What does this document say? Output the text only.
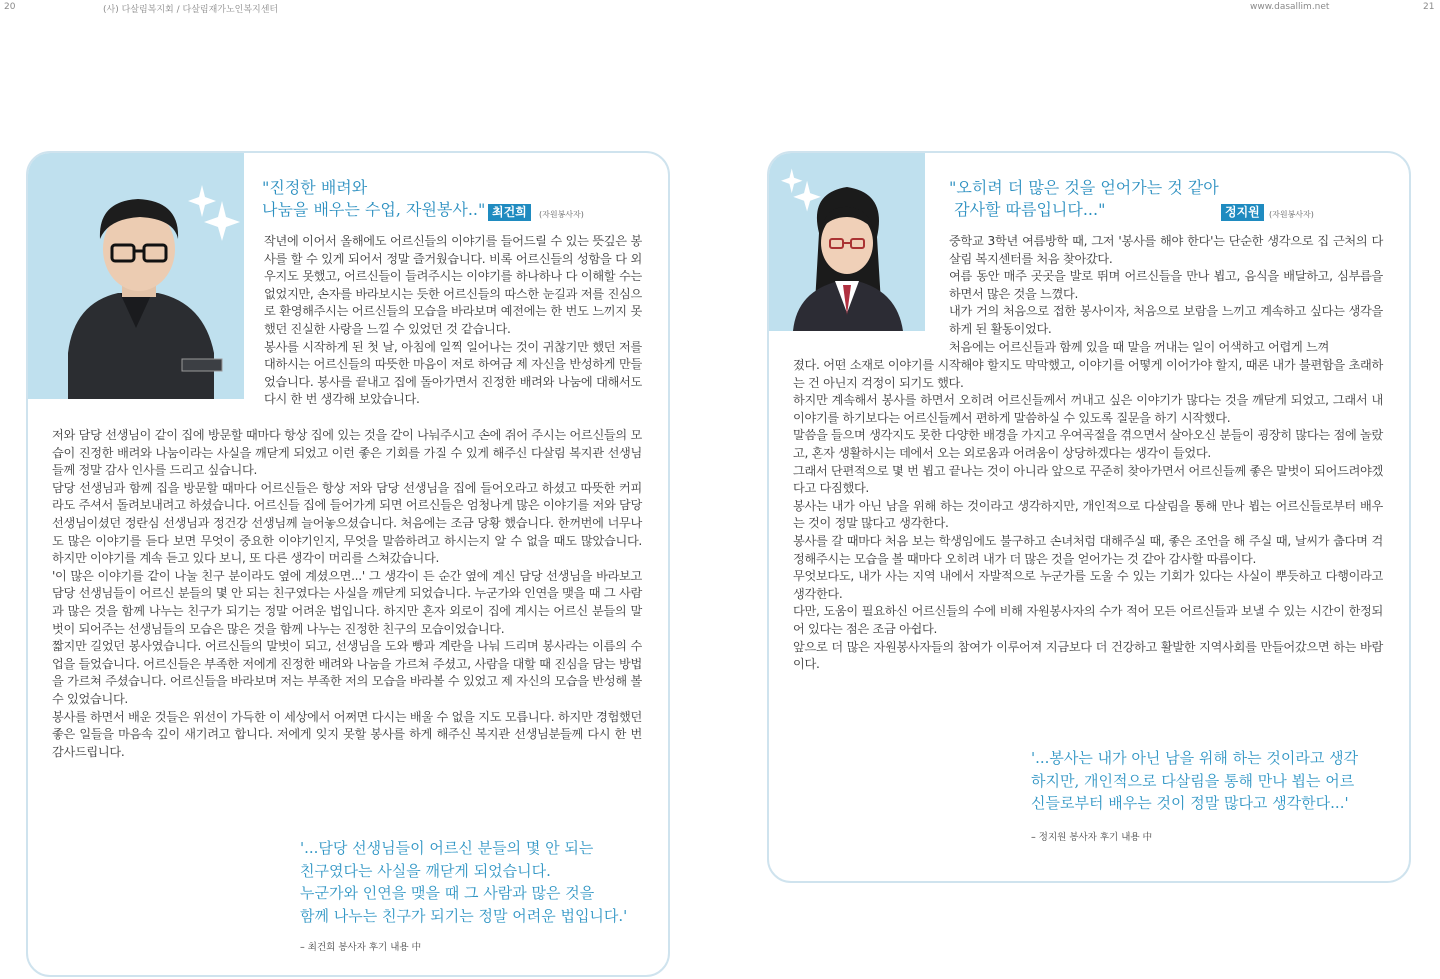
20	(사) 다살림복지회 / 다살림재가노인복지센터	www.dasallim.net	21
"진정한 배려와
나눔을 배우는 수업, 자원봉사.." 최건희	(자원봉사자)

작년에 이어서 올해에도 어르신들의 이야기를 들어드릴 수 있는 뜻깊은 봉사를 할 수 있게 되어서 정말 즐거웠습니다. 비록 어르신들의 성함을 다 외우지도 못했고, 어르신들이 들려주시는 이야기를 하나하나 다 이해할 수는 없었지만, 손자를 바라보시는 듯한 어르신들의 따스한 눈길과 저를 진심으로 환영해주시는 어르신들의 모습을 바라보며 예전에는 한 번도 느끼지 못했던 진실한 사랑을 느낄 수 있었던 것 같습니다.

봉사를 시작하게 된 첫 날, 아침에 일찍 일어나는 것이 귀찮기만 했던 저를 대하시는 어르신들의 따뜻한 마음이 저로 하여금 제 자신을 반성하게 만들었습니다. 봉사를 끝내고 집에 돌아가면서 진정한 배려와 나눔에 대해서도 다시 한 번 생각해 보았습니다.

저와 담당 선생님이 같이 집에 방문할 때마다 항상 집에 있는 것을 같이 나눠주시고 손에 쥐어 주시는 어르신들의 모습이 진정한 배려와 나눔이라는 사실을 깨닫게 되었고 이런 좋은 기회를 가질 수 있게 해주신 다살림 복지관 선생님들께 정말 감사 인사를 드리고 싶습니다.

담당 선생님과 함께 집을 방문할 때마다 어르신들은 항상 저와 담당 선생님을 집에 들어오라고 하셨고 따뜻한 커피라도 주셔서 돌려보내려고 하셨습니다. 어르신들 집에 들어가게 되면 어르신들은 엄청나게 많은 이야기를 저와 담당 선생님이셨던 정란심 선생님과 정건강 선생님께 늘어놓으셨습니다. 처음에는 조금 당황 했습니다. 한꺼번에 너무나도 많은 이야기를 듣다 보면 무엇이 중요한 이야기인지, 무엇을 말씀하려고 하시는지 알 수 없을 때도 많았습니다. 하지만 이야기를 계속 듣고 있다 보니, 또 다른 생각이 머리를 스쳐갔습니다.

'이 많은 이야기를 같이 나눌 친구 분이라도 옆에 계셨으면...' 그 생각이 든 순간 옆에 계신 담당 선생님을 바라보고 담당 선생님들이 어르신 분들의 몇 안 되는 친구였다는 사실을 깨닫게 되었습니다. 누군가와 인연을 맺을 때 그 사람과 많은 것을 함께 나누는 친구가 되기는 정말 어려운 법입니다. 하지만 혼자 외로이 집에 계시는 어르신 분들의 말벗이 되어주는 선생님들의 모습은 많은 것을 함께 나누는 진정한 친구의 모습이었습니다.

짧지만 길었던 봉사였습니다. 어르신들의 말벗이 되고, 선생님을 도와 빵과 계란을 나눠 드리며 봉사라는 이름의 수업을 들었습니다. 어르신들은 부족한 저에게 진정한 배려와 나눔을 가르쳐 주셨고, 사람을 대할 때 진심을 담는 방법을 가르쳐 주셨습니다. 어르신들을 바라보며 저는 부족한 저의 모습을 바라볼 수 있었고 제 자신의 모습을 반성해 볼 수 있었습니다.

봉사를 하면서 배운 것들은 위선이 가득한 이 세상에서 어쩌면 다시는 배울 수 없을 지도 모릅니다. 하지만 경험했던 좋은 일들을 마음속 깊이 새기려고 합니다. 저에게 잊지 못할 봉사를 하게 해주신 복지관 선생님분들께 다시 한 번 감사드립니다.

'...담당 선생님들이 어르신 분들의 몇 안 되는
친구였다는 사실을 깨닫게 되었습니다.
누군가와 인연을 맺을 때 그 사람과 많은 것을
함께 나누는 친구가 되기는 정말 어려운 법입니다.'
– 최건희 봉사자 후기 내용 中
"오히려 더 많은 것을 얻어가는 것 같아
감사할 따름입니다..."	정지원	(자원봉사자)

중학교 3학년 여름방학 때, 그저 '봉사를 해야 한다'는 단순한 생각으로 집 근처의 다살림 복지센터를 처음 찾아갔다.

여름 동안 매주 곳곳을 발로 뛰며 어르신들을 만나 뵙고, 음식을 배달하고, 심부름을 하면서 많은 것을 느꼈다.

내가 거의 처음으로 접한 봉사이자, 처음으로 보람을 느끼고 계속하고 싶다는 생각을 하게 된 활동이었다.

처음에는 어르신들과 함께 있을 때 말을 꺼내는 일이 어색하고 어렵게 느껴

졌다. 어떤 소재로 이야기를 시작해야 할지도 막막했고, 이야기를 어떻게 이어가야 할지, 때론 내가 불편함을 초래하는 건 아닌지 걱정이 되기도 했다.

하지만 계속해서 봉사를 하면서 오히려 어르신들께서 꺼내고 싶은 이야기가 많다는 것을 깨닫게 되었고, 그래서 내 이야기를 하기보다는 어르신들께서 편하게 말씀하실 수 있도록 질문을 하기 시작했다.

말씀을 들으며 생각지도 못한 다양한 배경을 가지고 우여곡절을 겪으면서 살아오신 분들이 굉장히 많다는 점에 놀랐고, 혼자 생활하시는 데에서 오는 외로움과 어려움이 상당하겠다는 생각이 들었다.

그래서 단편적으로 몇 번 뵙고 끝나는 것이 아니라 앞으로 꾸준히 찾아가면서 어르신들께 좋은 말벗이 되어드려야겠다고 다짐했다.

봉사는 내가 아닌 남을 위해 하는 것이라고 생각하지만, 개인적으로 다살림을 통해 만나 뵙는 어르신들로부터 배우는 것이 정말 많다고 생각한다.

봉사를 갈 때마다 처음 보는 학생임에도 불구하고 손녀처럼 대해주실 때, 좋은 조언을 해 주실 때, 날씨가 춥다며 걱정해주시는 모습을 볼 때마다 오히려 내가 더 많은 것을 얻어가는 것 같아 감사할 따름이다.

무엇보다도, 내가 사는 지역 내에서 자발적으로 누군가를 도울 수 있는 기회가 있다는 사실이 뿌듯하고 다행이라고 생각한다.

다만, 도움이 필요하신 어르신들의 수에 비해 자원봉사자의 수가 적어 모든 어르신들과 보낼 수 있는 시간이 한정되어 있다는 점은 조금 아쉽다.

앞으로 더 많은 자원봉사자들의 참여가 이루어져 지금보다 더 건강하고 활발한 지역사회를 만들어갔으면 하는 바람이다.

'...봉사는 내가 아닌 남을 위해 하는 것이라고 생각
하지만, 개인적으로 다살림을 통해 만나 뵙는 어르
신들로부터 배우는 것이 정말 많다고 생각한다...'
– 정지원 봉사자 후기 내용 中
